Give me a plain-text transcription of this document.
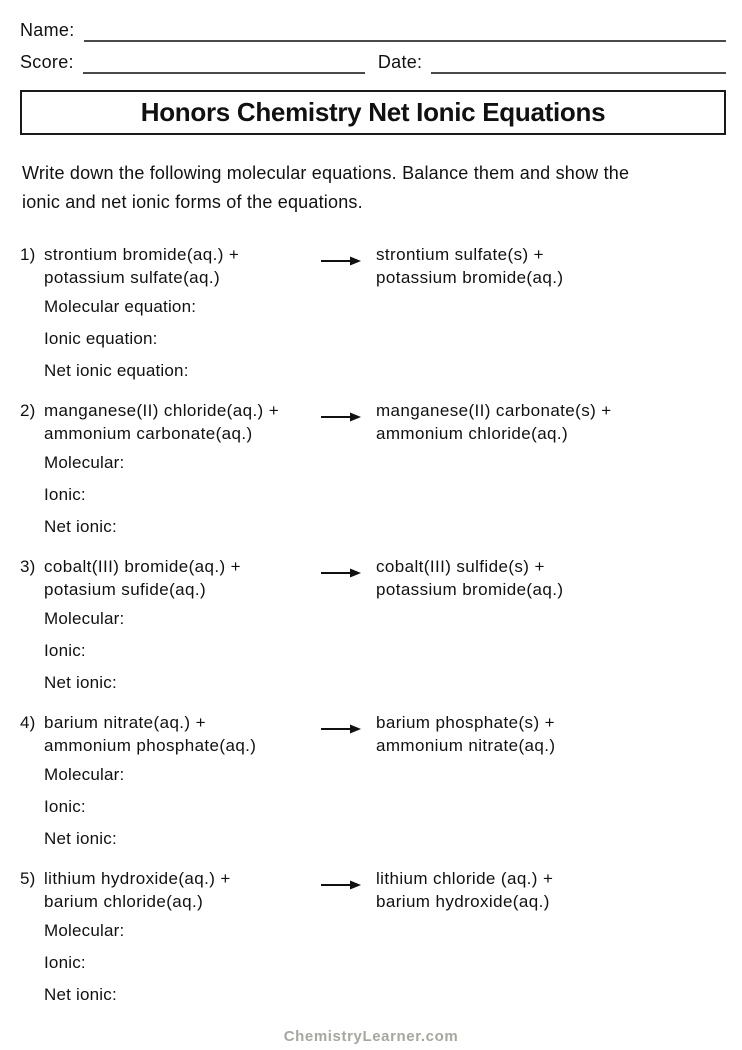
Name:
Score:	Date:
Honors Chemistry Net Ionic Equations

Write down the following molecular equations. Balance them and show the
ionic and net ionic forms of the equations.

1) strontium bromide(aq.) +
potassium sulfate(aq.)
strontium sulfate(s) +
potassium bromide(aq.)
Molecular equation:
Ionic equation:
Net ionic equation:
2) manganese(II) chloride(aq.) +
ammonium carbonate(aq.)
manganese(II) carbonate(s) +
ammonium chloride(aq.)
Molecular:
Ionic:
Net ionic:
3) cobalt(III) bromide(aq.) +
potasium sufide(aq.)
cobalt(III) sulfide(s) +
potassium bromide(aq.)
Molecular:
Ionic:
Net ionic:
4) barium nitrate(aq.) +
ammonium phosphate(aq.)
barium phosphate(s) +
ammonium nitrate(aq.)
Molecular:
Ionic:
Net ionic:
5) lithium hydroxide(aq.) +
barium chloride(aq.)
lithium chloride (aq.) +
barium hydroxide(aq.)
Molecular:
Ionic:
Net ionic:
ChemistryLearner.com
